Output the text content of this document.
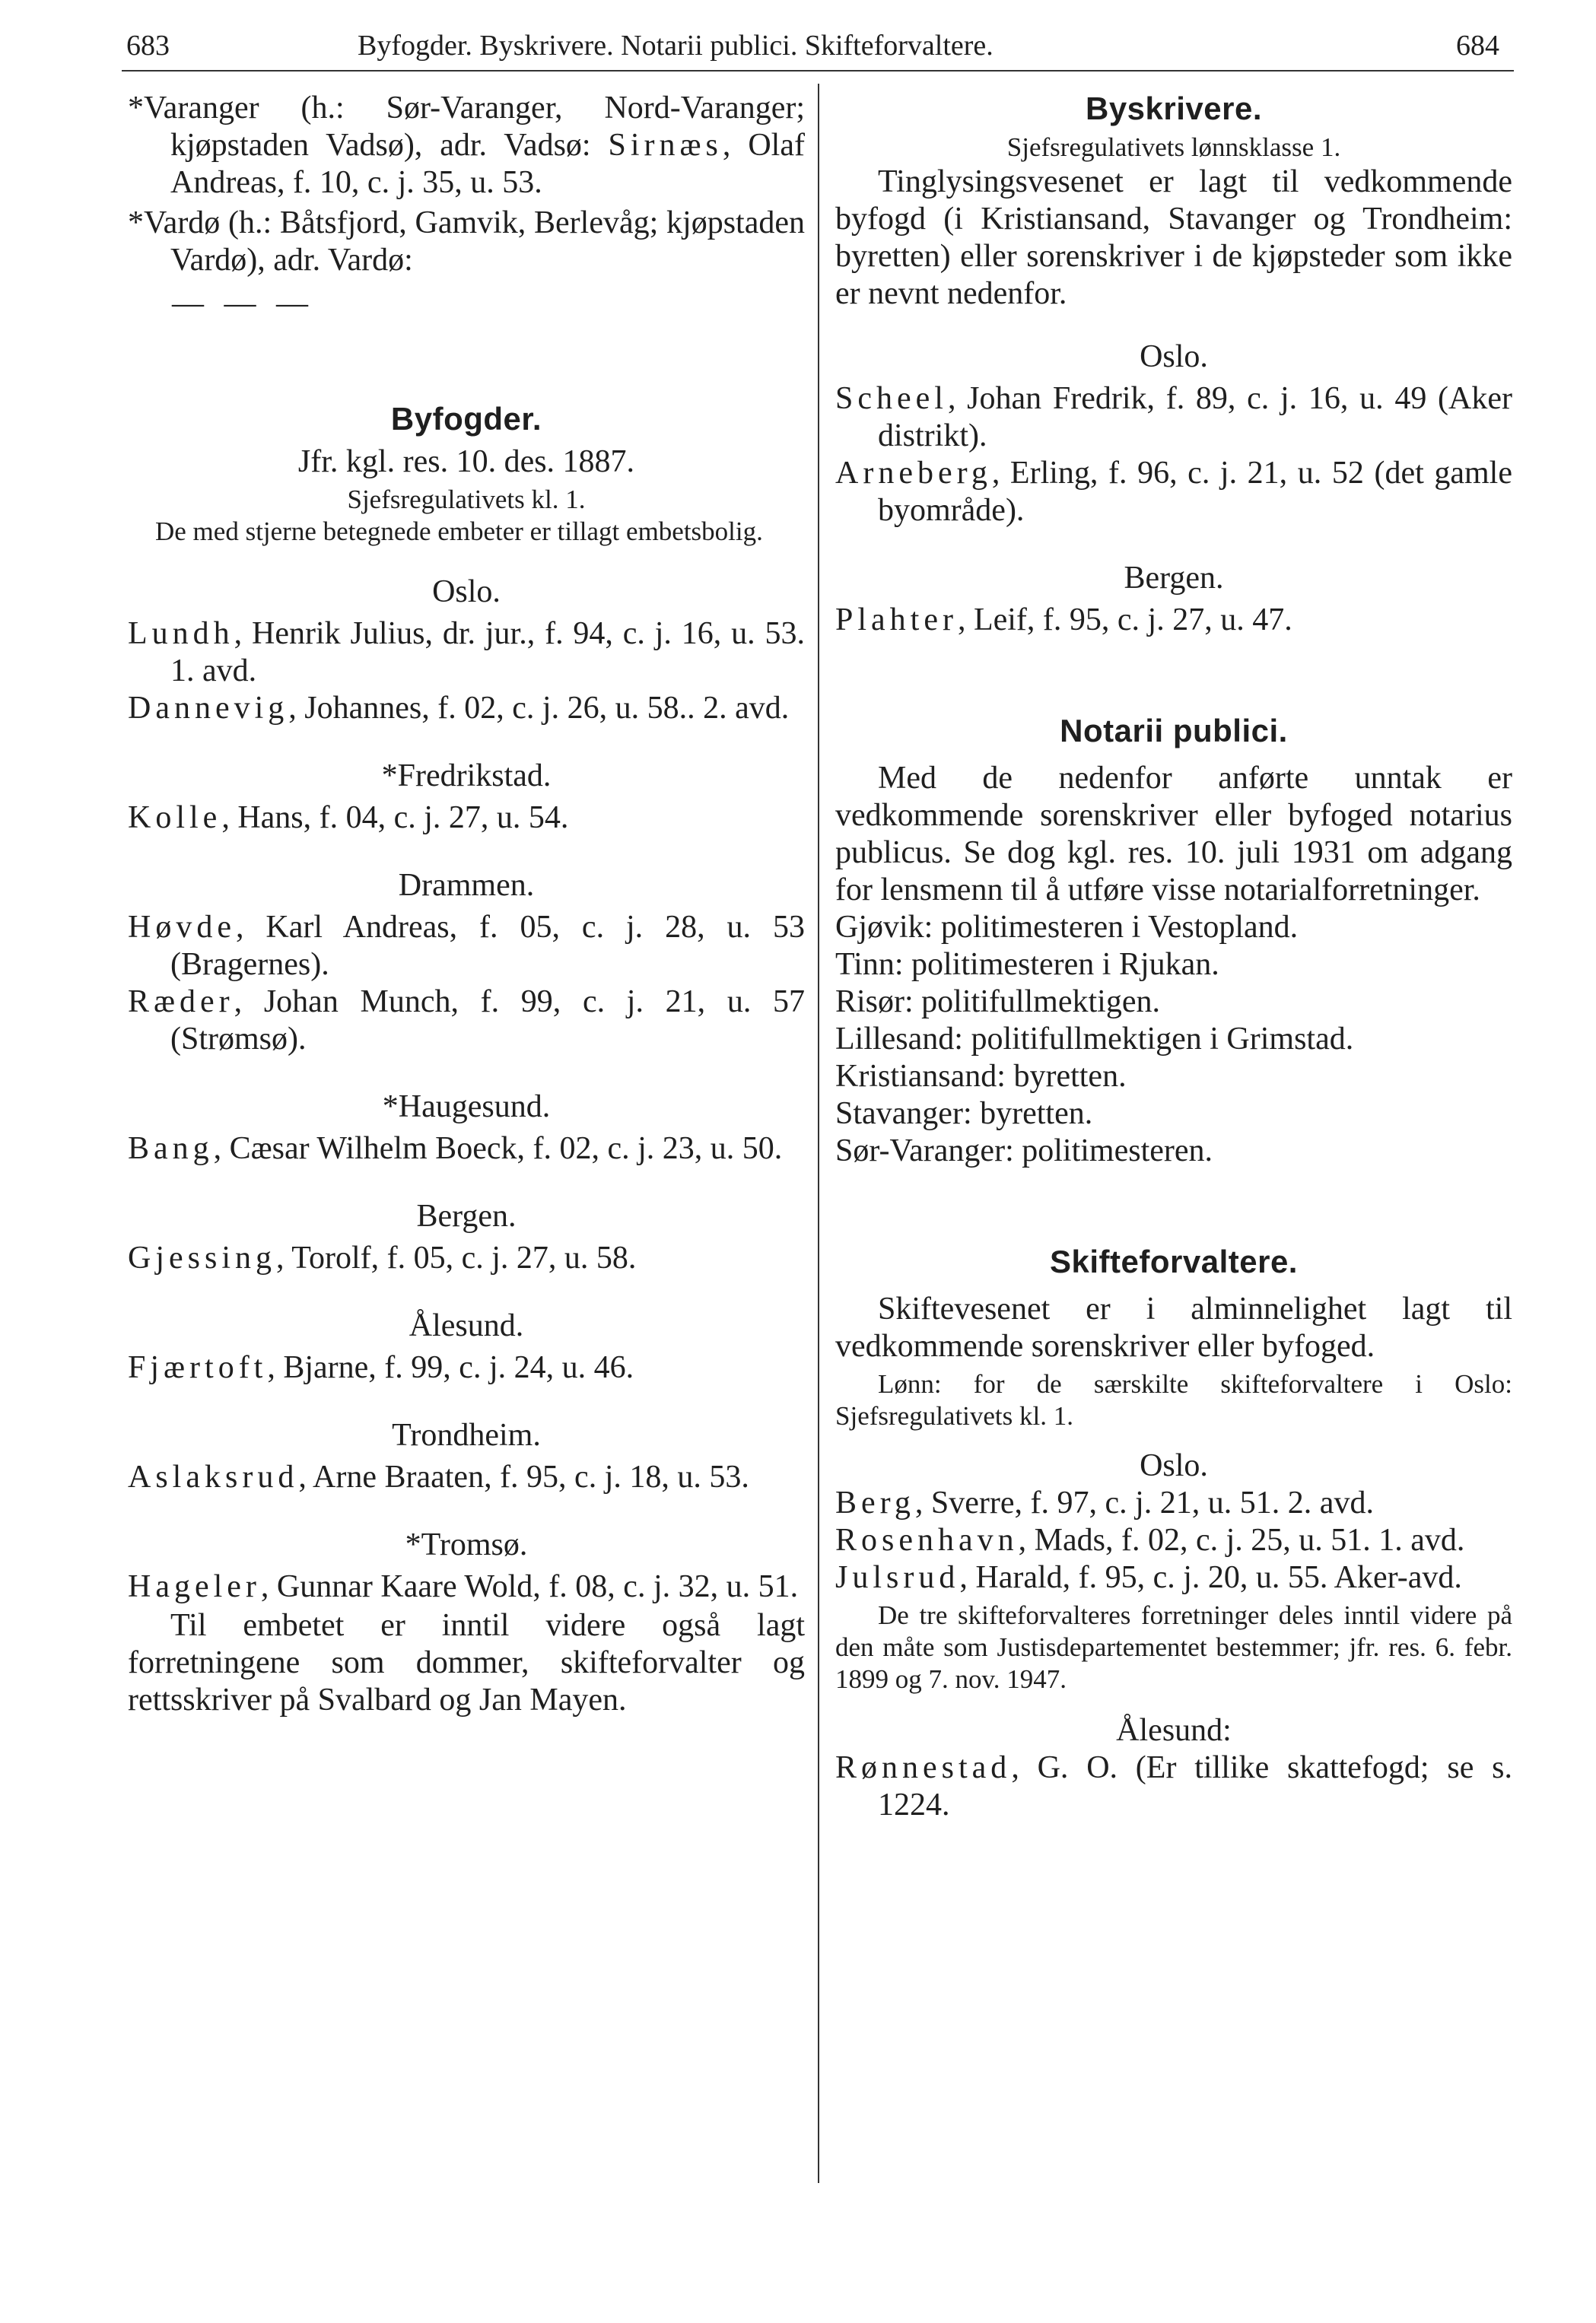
683	Byfogder. Byskrivere. Notarii publici. Skifteforvaltere.	684

*Varanger (h.: Sør-Varanger, Nord-Varanger; kjøpstaden Vadsø), adr. Vadsø: Sirnæs, Olaf Andreas, f. 10, c. j. 35, u. 53.

*Vardø (h.: Båtsfjord, Gamvik, Berlevåg; kjøpstaden Vardø), adr. Vardø:

— — —

Byfogder.

Jfr. kgl. res. 10. des. 1887.

Sjefsregulativets kl. 1.

De med stjerne betegnede embeter er tillagt embetsbolig.

Oslo.

Lundh, Henrik Julius, dr. jur., f. 94, c. j. 16, u. 53. 1. avd.

Dannevig, Johannes, f. 02, c. j. 26, u. 58.. 2. avd.

*Fredrikstad.

Kolle, Hans, f. 04, c. j. 27, u. 54.

Drammen.

Høvde, Karl Andreas, f. 05, c. j. 28, u. 53 (Bragernes).

Ræder, Johan Munch, f. 99, c. j. 21, u. 57 (Strømsø).

*Haugesund.

Bang, Cæsar Wilhelm Boeck, f. 02, c. j. 23, u. 50.

Bergen.

Gjessing, Torolf, f. 05, c. j. 27, u. 58.

Ålesund.

Fjærtoft, Bjarne, f. 99, c. j. 24, u. 46.

Trondheim.

Aslaksrud, Arne Braaten, f. 95, c. j. 18, u. 53.

*Tromsø.

Hageler, Gunnar Kaare Wold, f. 08, c. j. 32, u. 51.

Til embetet er inntil videre også lagt forretningene som dommer, skifteforvalter og rettsskriver på Svalbard og Jan Mayen.

Byskrivere.

Sjefsregulativets lønnsklasse 1.

Tinglysingsvesenet er lagt til vedkommende byfogd (i Kristiansand, Stavanger og Trondheim: byretten) eller sorenskriver i de kjøpsteder som ikke er nevnt nedenfor.

Oslo.

Scheel, Johan Fredrik, f. 89, c. j. 16, u. 49 (Aker distrikt).

Arneberg, Erling, f. 96, c. j. 21, u. 52 (det gamle byområde).

Bergen.

Plahter, Leif, f. 95, c. j. 27, u. 47.

Notarii publici.

Med de nedenfor anførte unntak er vedkommende sorenskriver eller byfoged notarius publicus. Se dog kgl. res. 10. juli 1931 om adgang for lensmenn til å utføre visse notarialforretninger.

Gjøvik: politimesteren i Vestopland.

Tinn: politimesteren i Rjukan.

Risør: politifullmektigen.

Lillesand: politifullmektigen i Grimstad.

Kristiansand: byretten.

Stavanger: byretten.

Sør-Varanger: politimesteren.

Skifteforvaltere.

Skiftevesenet er i alminnelighet lagt til vedkommende sorenskriver eller byfoged.

Lønn: for de særskilte skifteforvaltere i Oslo: Sjefsregulativets kl. 1.

Oslo.

Berg, Sverre, f. 97, c. j. 21, u. 51. 2. avd.

Rosenhavn, Mads, f. 02, c. j. 25, u. 51. 1. avd.

Julsrud, Harald, f. 95, c. j. 20, u. 55. Aker-avd.

De tre skifteforvalteres forretninger deles inntil videre på den måte som Justisdepartementet bestemmer; jfr. res. 6. febr. 1899 og 7. nov. 1947.

Ålesund:

Rønnestad, G. O. (Er tillike skattefogd; se s. 1224.
